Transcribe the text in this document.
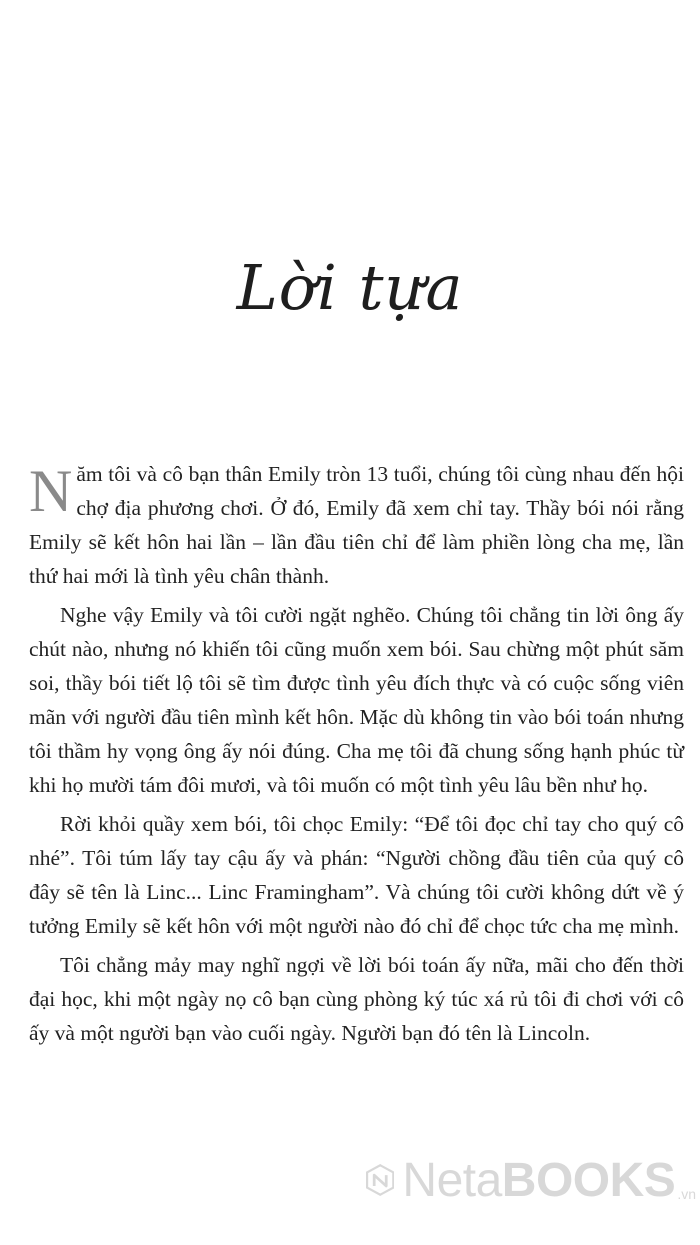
Lời tựa

Năm tôi và cô bạn thân Emily tròn 13 tuổi, chúng tôi cùng nhau đến hội chợ địa phương chơi. Ở đó, Emily đã xem chỉ tay. Thầy bói nói rằng Emily sẽ kết hôn hai lần – lần đầu tiên chỉ để làm phiền lòng cha mẹ, lần thứ hai mới là tình yêu chân thành.

Nghe vậy Emily và tôi cười ngặt nghẽo. Chúng tôi chẳng tin lời ông ấy chút nào, nhưng nó khiến tôi cũng muốn xem bói. Sau chừng một phút săm soi, thầy bói tiết lộ tôi sẽ tìm được tình yêu đích thực và có cuộc sống viên mãn với người đầu tiên mình kết hôn. Mặc dù không tin vào bói toán nhưng tôi thầm hy vọng ông ấy nói đúng. Cha mẹ tôi đã chung sống hạnh phúc từ khi họ mười tám đôi mươi, và tôi muốn có một tình yêu lâu bền như họ.

Rời khỏi quầy xem bói, tôi chọc Emily: “Để tôi đọc chỉ tay cho quý cô nhé”. Tôi túm lấy tay cậu ấy và phán: “Người chồng đầu tiên của quý cô đây sẽ tên là Linc... Linc Framingham”. Và chúng tôi cười không dứt về ý tưởng Emily sẽ kết hôn với một người nào đó chỉ để chọc tức cha mẹ mình.

Tôi chẳng mảy may nghĩ ngợi về lời bói toán ấy nữa, mãi cho đến thời đại học, khi một ngày nọ cô bạn cùng phòng ký túc xá rủ tôi đi chơi với cô ấy và một người bạn vào cuối ngày. Người bạn đó tên là Lincoln.

NetaBOOKS .vn
